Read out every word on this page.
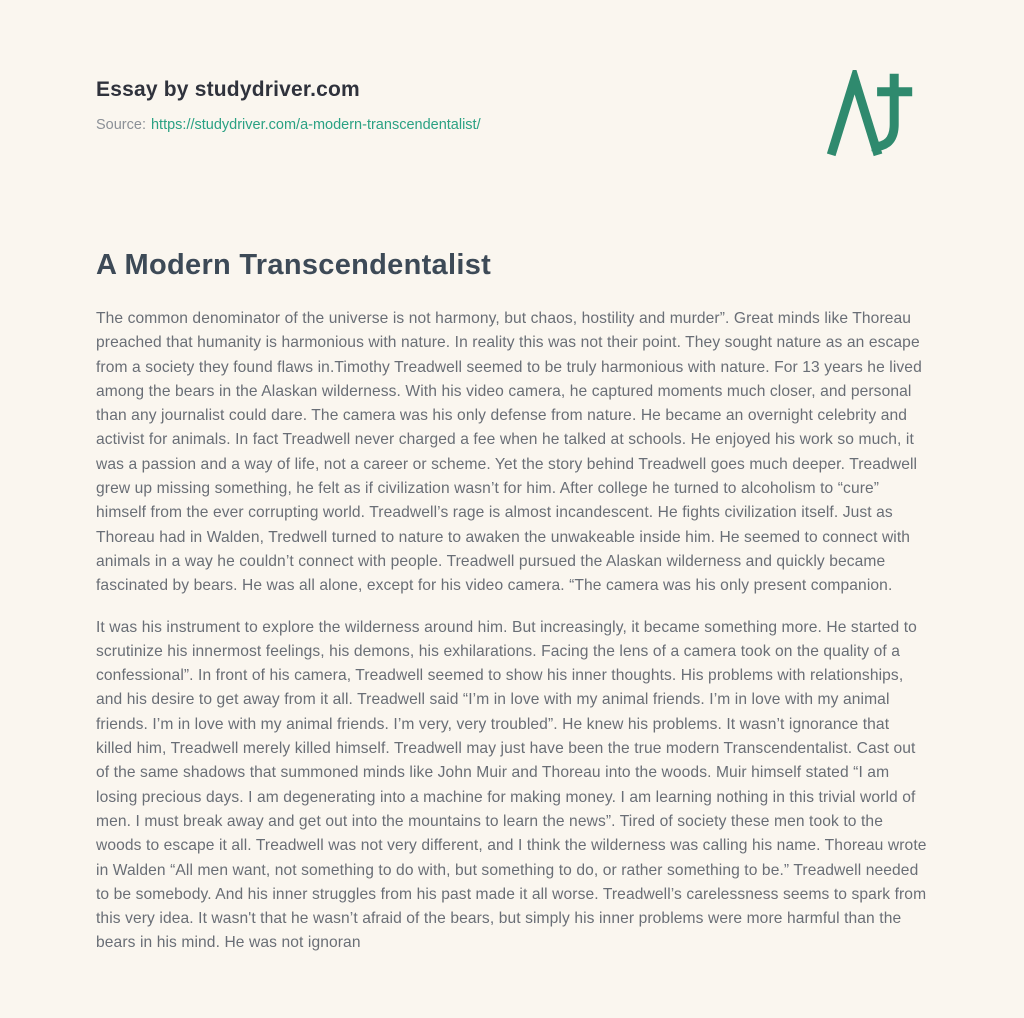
Essay by studydriver.com
Source: https://studydriver.com/a-modern-transcendentalist/
A Modern Transcendentalist

The common denominator of the universe is not harmony, but chaos, hostility and murder”. Great minds like Thoreau preached that humanity is harmonious with nature. In reality this was not their point. They sought nature as an escape from a society they found flaws in.Timothy Treadwell seemed to be truly harmonious with nature. For 13 years he lived among the bears in the Alaskan wilderness. With his video camera, he captured moments much closer, and personal than any journalist could dare. The camera was his only defense from nature. He became an overnight celebrity and activist for animals. In fact Treadwell never charged a fee when he talked at schools. He enjoyed his work so much, it was a passion and a way of life, not a career or scheme. Yet the story behind Treadwell goes much deeper. Treadwell grew up missing something, he felt as if civilization wasn’t for him. After college he turned to alcoholism to “cure” himself from the ever corrupting world. Treadwell’s rage is almost incandescent. He fights civilization itself. Just as Thoreau had in Walden, Tredwell turned to nature to awaken the unwakeable inside him. He seemed to connect with animals in a way he couldn’t connect with people. Treadwell pursued the Alaskan wilderness and quickly became fascinated by bears. He was all alone, except for his video camera. “The camera was his only present companion.

It was his instrument to explore the wilderness around him. But increasingly, it became something more. He started to scrutinize his innermost feelings, his demons, his exhilarations. Facing the lens of a camera took on the quality of a confessional”. In front of his camera, Treadwell seemed to show his inner thoughts. His problems with relationships, and his desire to get away from it all. Treadwell said “I’m in love with my animal friends. I’m in love with my animal friends. I’m in love with my animal friends. I’m very, very troubled”. He knew his problems. It wasn’t ignorance that killed him, Treadwell merely killed himself. Treadwell may just have been the true modern Transcendentalist. Cast out of the same shadows that summoned minds like John Muir and Thoreau into the woods. Muir himself stated “I am losing precious days. I am degenerating into a machine for making money. I am learning nothing in this trivial world of men. I must break away and get out into the mountains to learn the news”. Tired of society these men took to the woods to escape it all. Treadwell was not very different, and I think the wilderness was calling his name. Thoreau wrote in Walden “All men want, not something to do with, but something to do, or rather something to be.” Treadwell needed to be somebody. And his inner struggles from his past made it all worse. Treadwell’s carelessness seems to spark from this very idea. It wasn't that he wasn’t afraid of the bears, but simply his inner problems were more harmful than the bears in his mind. He was not ignoran
